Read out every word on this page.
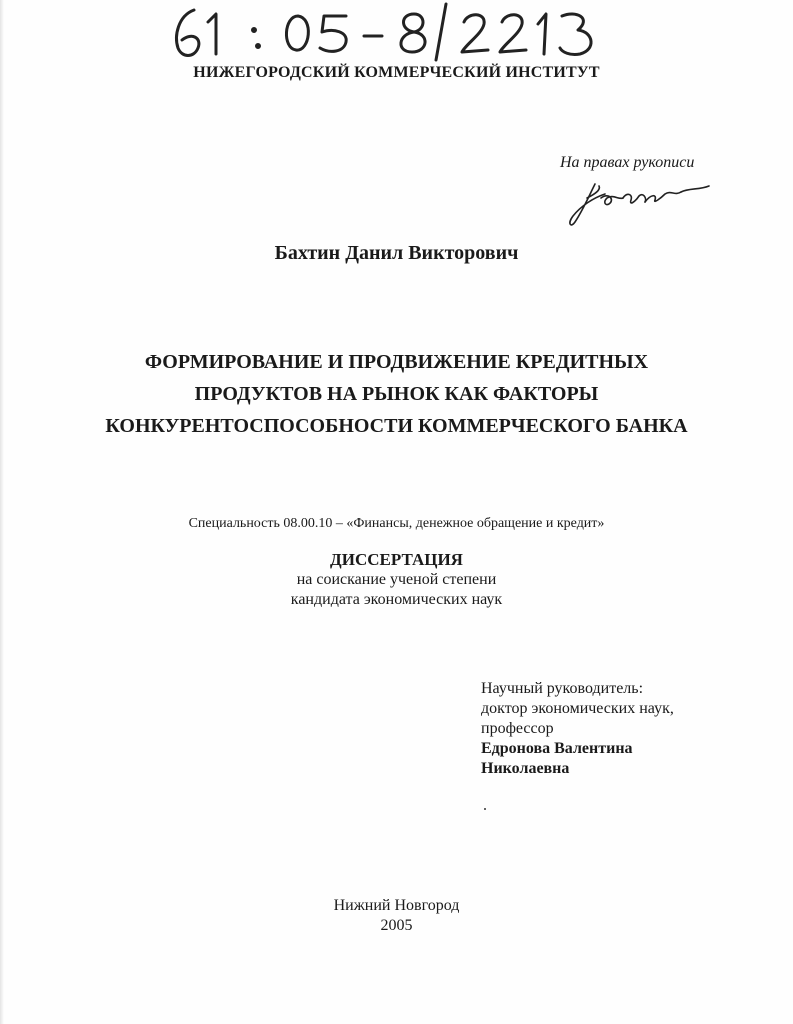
НИЖЕГОРОДСКИЙ КОММЕРЧЕСКИЙ ИНСТИТУТ
На правах рукописи
Бахтин Данил Викторович
ФОРМИРОВАНИЕ И ПРОДВИЖЕНИЕ КРЕДИТНЫХ
ПРОДУКТОВ НА РЫНОК КАК ФАКТОРЫ
КОНКУРЕНТОСПОСОБНОСТИ КОММЕРЧЕСКОГО БАНКА
Специальность 08.00.10 – «Финансы, денежное обращение и кредит»
ДИССЕРТАЦИЯ
на соискание ученой степени
кандидата экономических наук
Научный руководитель:
доктор экономических наук,
профессор
Едронова Валентина
Николаевна
Нижний Новгород
2005
